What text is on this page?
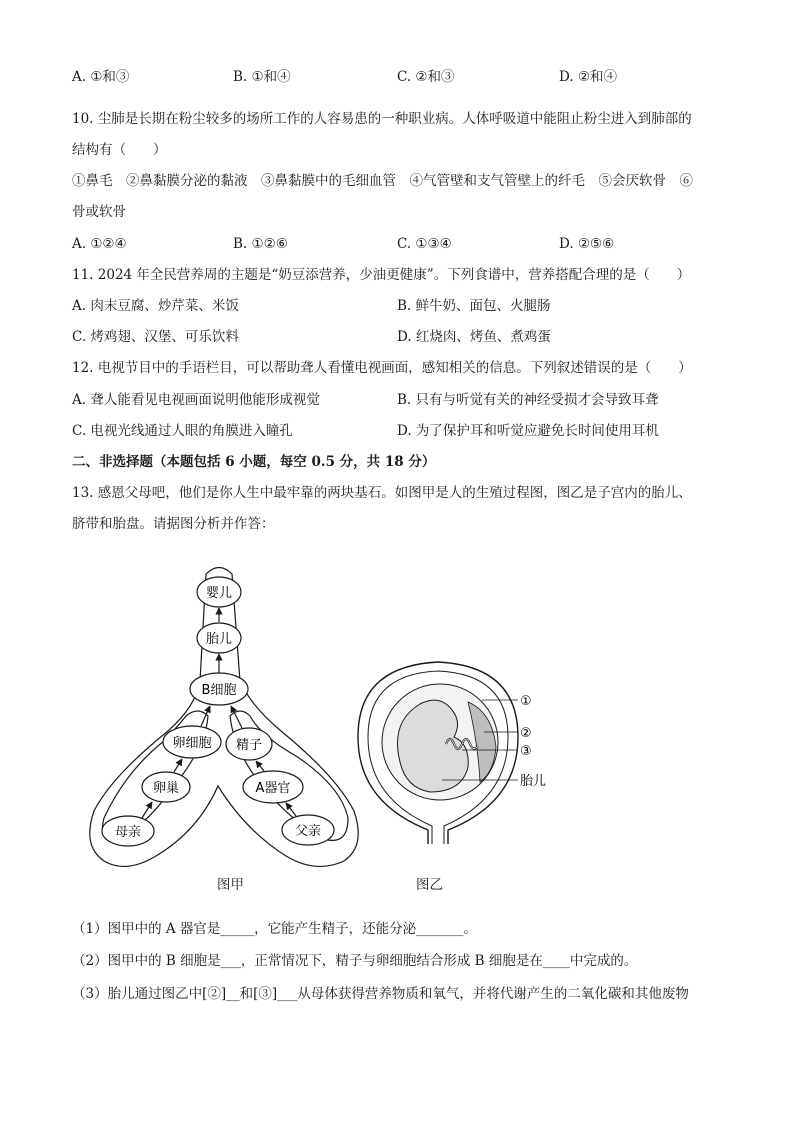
A. ①和③	B. ①和④	C. ②和③	D. ②和④
10. 尘肺是长期在粉尘较多的场所工作的人容易患的一种职业病。人体呼吸道中能阻止粉尘进入到肺部的
结构有（　　）
①鼻毛　②鼻黏膜分泌的黏液　③鼻黏膜中的毛细血管　④气管壁和支气管壁上的纤毛　⑤会厌软骨　⑥
骨或软骨
A. ①②④	B. ①②⑥	C. ①③④	D. ②⑤⑥
11. 2024 年全民营养周的主题是“奶豆添营养，少油更健康”。下列食谱中，营养搭配合理的是（　　）
A. 肉末豆腐、炒芹菜、米饭	B. 鲜牛奶、面包、火腿肠
C. 烤鸡翅、汉堡、可乐饮料	D. 红烧肉、烤鱼、煮鸡蛋
12. 电视节目中的手语栏目，可以帮助聋人看懂电视画面，感知相关的信息。下列叙述错误的是（　　）
A. 聋人能看见电视画面说明他能形成视觉	B. 只有与听觉有关的神经受损才会导致耳聋
C. 电视光线通过人眼的角膜进入瞳孔	D. 为了保护耳和听觉应避免长时间使用耳机
二、非选择题（本题包括 6 小题，每空 0.5 分，共 18 分）
13. 感恩父母吧，他们是你人生中最牢靠的两块基石。如图甲是人的生殖过程图，图乙是子宫内的胎儿、
脐带和胎盘。请据图分析并作答：
婴儿
胎儿
B细胞
卵细胞 精子
卵巢	A器官
母亲	父亲
图甲
①
②
③
胎儿
图乙
（1）图甲中的 A 器官是_____，它能产生精子，还能分泌_______。
（2）图甲中的 B 细胞是___，正常情况下，精子与卵细胞结合形成 B 细胞是在____中完成的。
（3）胎儿通过图乙中[②]__和[③]___从母体获得营养物质和氧气，并将代谢产生的二氧化碳和其他废物
